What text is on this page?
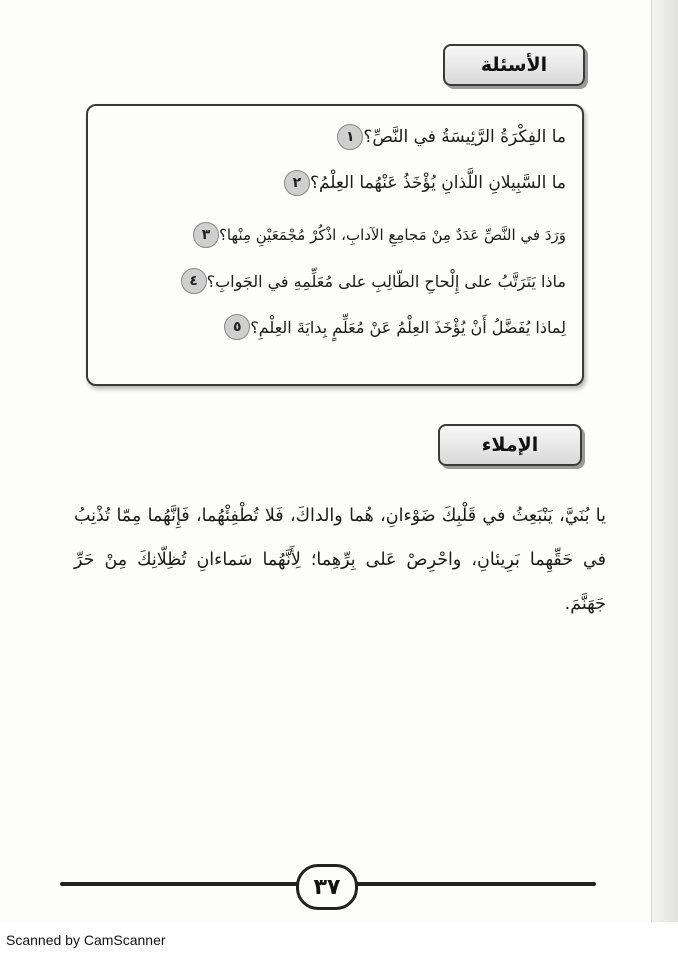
الأسئلة
١ ما الفِكْرَةُ الرَّئِيسَةُ في النَّصِّ؟
٢ ما السَّبِيلانِ اللَّذانِ يُؤْخَذُ عَنْهُما العِلْمُ؟
٣ وَرَدَ في النَّصِّ عَدَدٌ مِنْ مَجامِعِ الآدابِ، اذْكُرْ مُجْمَعَيْنِ مِنْها؟
٤ ماذا يَتَرَتَّبُ على إِلْحاحِ الطّالِبِ على مُعَلِّمِهِ في الجَوابِ؟
٥ لِماذا يُفَضَّلُ أَنْ يُؤْخَذَ العِلْمُ عَنْ مُعَلِّمٍ بِدايَةَ العِلْمِ؟
الإملاء
يا بُنَيَّ، يَنْبَعِثُ في قَلْبِكَ ضَوْءانِ، هُما والداكَ، فَلا تُطْفِئْهُما، فَإِنَّهُما مِمّا تُذْنِبُ في حَقِّهِما بَرِيئانِ، واحْرِصْ عَلى بِرِّهِما؛ لِأَنَّهُما سَماءانِ تُظِلّانِكَ مِنْ حَرِّ جَهَنَّمَ.
٣٧
Scanned by CamScanner
